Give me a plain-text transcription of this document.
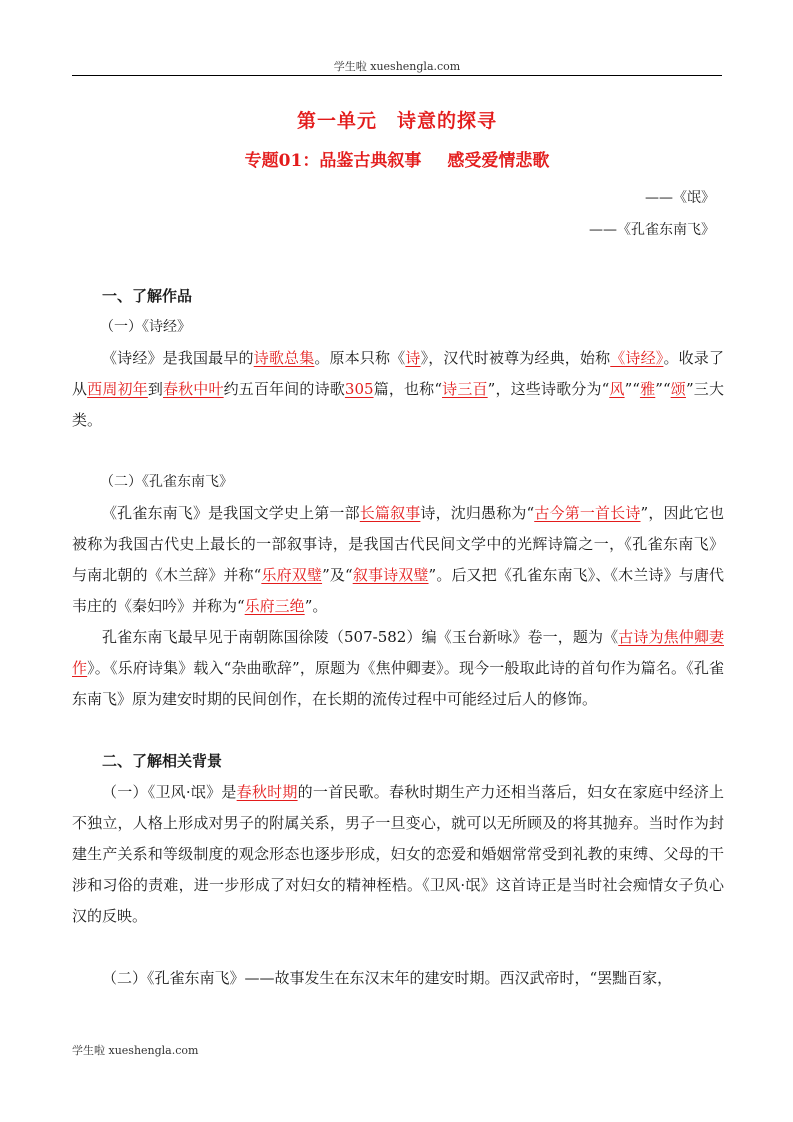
学生啦 xueshengla.com
第一单元　诗意的探寻
专题01：品鉴古典叙事 感受爱情悲歌
——《氓》
——《孔雀东南飞》
一、了解作品
（一）《诗经》

《诗经》是我国最早的诗歌总集。原本只称《诗》，汉代时被尊为经典，始称《诗经》。收录了从西周初年到春秋中叶约五百年间的诗歌305篇，也称“诗三百”，这些诗歌分为“风”“雅”“颂”三大类。

（二）《孔雀东南飞》

《孔雀东南飞》是我国文学史上第一部长篇叙事诗，沈归愚称为“古今第一首长诗”，因此它也被称为我国古代史上最长的一部叙事诗，是我国古代民间文学中的光辉诗篇之一，《孔雀东南飞》与南北朝的《木兰辞》并称“乐府双璧”及“叙事诗双璧”。后又把《孔雀东南飞》、《木兰诗》与唐代韦庄的《秦妇吟》并称为“乐府三绝”。

孔雀东南飞最早见于南朝陈国徐陵（507-582）编《玉台新咏》卷一，题为《古诗为焦仲卿妻作》。《乐府诗集》载入“杂曲歌辞”，原题为《焦仲卿妻》。现今一般取此诗的首句作为篇名。《孔雀东南飞》原为建安时期的民间创作，在长期的流传过程中可能经过后人的修饰。

二、了解相关背景

（一）《卫风·氓》是春秋时期的一首民歌。春秋时期生产力还相当落后，妇女在家庭中经济上不独立，人格上形成对男子的附属关系，男子一旦变心，就可以无所顾及的将其抛弃。当时作为封建生产关系和等级制度的观念形态也逐步形成，妇女的恋爱和婚姻常常受到礼教的束缚、父母的干涉和习俗的责难，进一步形成了对妇女的精神桎梏。《卫风·氓》这首诗正是当时社会痴情女子负心汉的反映。

（二）《孔雀东南飞》——故事发生在东汉末年的建安时期。西汉武帝时，“罢黜百家，

学生啦 xueshengla.com
